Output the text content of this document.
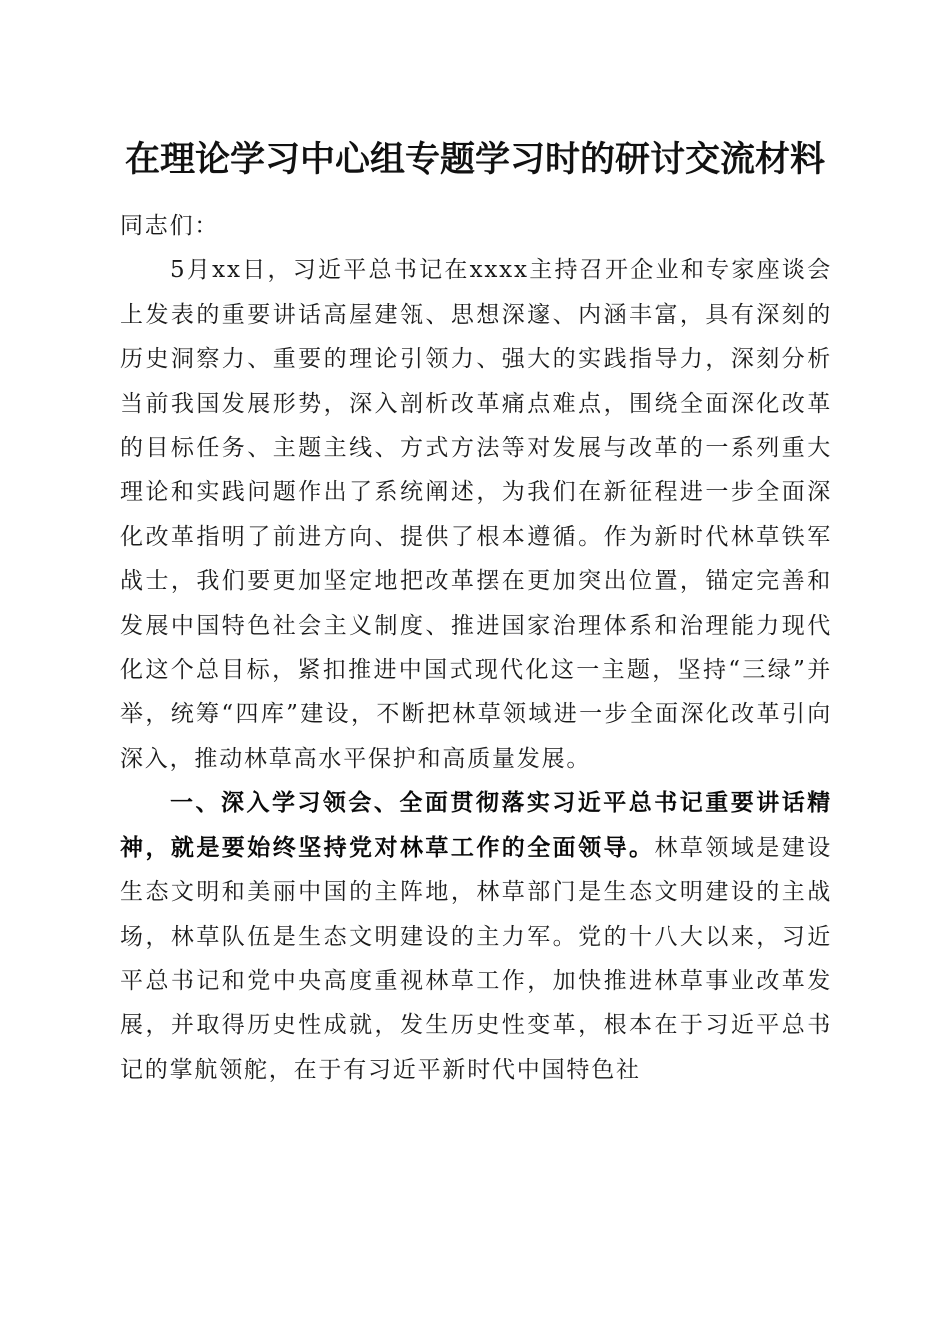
在理论学习中心组专题学习时的研讨交流材料

同志们：

5月xx日，习近平总书记在xxxx主持召开企业和专家座谈会上发表的重要讲话高屋建瓴、思想深邃、内涵丰富，具有深刻的历史洞察力、重要的理论引领力、强大的实践指导力，深刻分析当前我国发展形势，深入剖析改革痛点难点，围绕全面深化改革的目标任务、主题主线、方式方法等对发展与改革的一系列重大理论和实践问题作出了系统阐述，为我们在新征程进一步全面深化改革指明了前进方向、提供了根本遵循。作为新时代林草铁军战士，我们要更加坚定地把改革摆在更加突出位置，锚定完善和发展中国特色社会主义制度、推进国家治理体系和治理能力现代化这个总目标，紧扣推进中国式现代化这一主题，坚持“三绿”并举，统筹“四库”建设，不断把林草领域进一步全面深化改革引向深入，推动林草高水平保护和高质量发展。

一、深入学习领会、全面贯彻落实习近平总书记重要讲话精神，就是要始终坚持党对林草工作的全面领导。林草领域是建设生态文明和美丽中国的主阵地，林草部门是生态文明建设的主战场，林草队伍是生态文明建设的主力军。党的十八大以来，习近平总书记和党中央高度重视林草工作，加快推进林草事业改革发展，并取得历史性成就，发生历史性变革，根本在于习近平总书记的掌航领舵，在于有习近平新时代中国特色社
